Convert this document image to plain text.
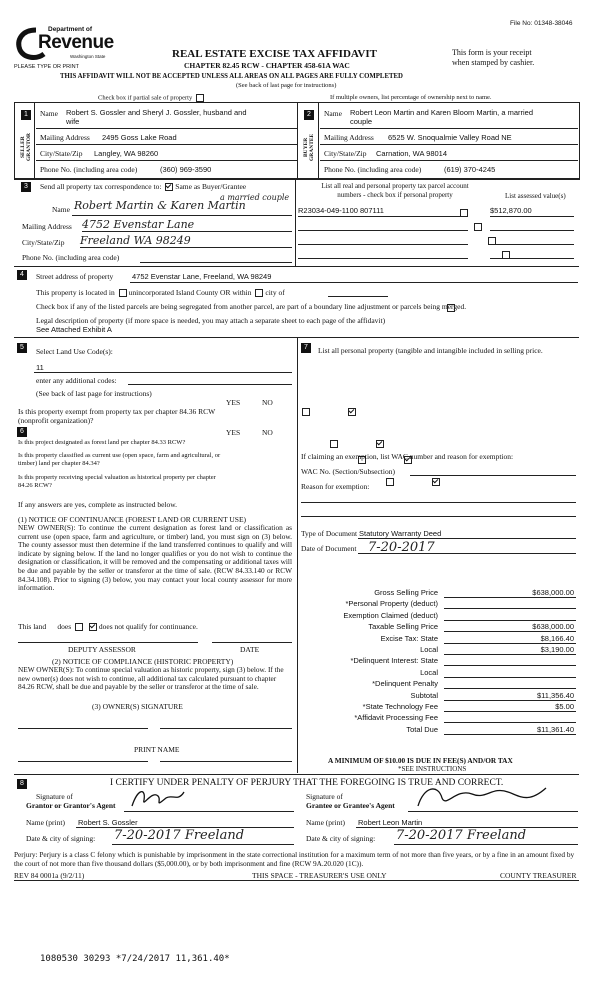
File No: 01348-38046
Department of
Revenue
Washington State
PLEASE TYPE OR PRINT
REAL ESTATE EXCISE TAX AFFIDAVIT
CHAPTER 82.45 RCW - CHAPTER 458-61A WAC
This form is your receipt
when stamped by cashier.
THIS AFFIDAVIT WILL NOT BE ACCEPTED UNLESS ALL AREAS ON ALL PAGES ARE FULLY COMPLETED
(See back of last page for instructions)
Check box if partial sale of property	If multiple owners, list percentage of ownership next to name.
1
SELLER GRANTOR
Name Robert S. Gossler and Sheryl J. Gossler, husband and
wife
Mailing Address 2495 Goss Lake Road
City/State/Zip Langley, WA 98260
Phone No. (including area code)	(360) 969-3590
2
BUYER GRANTEE
Name Robert Leon Martin and Karen Bloom Martin, a married
couple
Mailing Address 6525 W. Snoqualmie Valley Road NE
City/State/Zip Carnation, WA 98014
Phone No. (including area code)	(619) 370-4245
3	Send all property tax correspondence to: Same as Buyer/Grantee
Name Robert Martin & Karen Martin
a married couple
Mailing Address 4752 Evenstar Lane
City/State/Zip Freeland WA 98249
Phone No. (including area code)
List all real and personal property tax parcel account
numbers - check box if personal property	List assessed value(s)
R23034-049-1100 807111	$512,870.00

4	Street address of property 4752 Evenstar Lane, Freeland, WA 98249
This property is located in unincorporated Island County OR within city of
Check box if any of the listed parcels are being segregated from another parcel, are part of a boundary line adjustment or parcels being merged.

Legal description of property (if more space is needed, you may attach a separate sheet to each page of the affidavit)
See Attached Exhibit A
5	Select Land Use Code(s):
11
enter any additional codes:
(See back of last page for instructions)
YES	NO
Is this property exempt from property tax per chapter 84.36 RCW (nonprofit organization)?

6	YES	NO
Is this project designated as forest land per chapter 84.33 RCW?

Is this property classified as current use (open space, farm and agricultural, or timber) land per chapter 84.34?

Is this property receiving special valuation as historical property per chapter 84.26 RCW?

If any answers are yes, complete as instructed below.
(1) NOTICE OF CONTINUANCE (FOREST LAND OR CURRENT USE)
NEW OWNER(S): To continue the current designation as forest land or classification as current use (open space, farm and agriculture, or timber) land, you must sign on (3) below. The county assessor must then determine if the land transferred continues to qualify and will indicate by signing below. If the land no longer qualifies or you do not wish to continue the designation or classification, it will be removed and the compensating or additional taxes will be due and payable by the seller or transferor at the time of sale. (RCW 84.33.140 or RCW 84.34.108). Prior to signing (3) below, you may contact your local county assessor for more information.
This land does	does not qualify for continuance.
DEPUTY ASSESSOR	DATE
(2) NOTICE OF COMPLIANCE (HISTORIC PROPERTY)
NEW OWNER(S): To continue special valuation as historic property, sign (3) below. If the new owner(s) does not wish to continue, all additional tax calculated pursuant to chapter 84.26 RCW, shall be due and payable by the seller or transferor at the time of sale.
(3) OWNER(S) SIGNATURE
PRINT NAME
7	List all personal property (tangible and intangible included in selling price.
If claiming an exemption, list WAC number and reason for exemption:
WAC No. (Section/Subsection)
Reason for exemption:
Type of Document Statutory Warranty Deed
Date of Document 7-20-2017
Gross Selling Price	$638,000.00
*Personal Property (deduct)
Exemption Claimed (deduct)
Taxable Selling Price	$638,000.00
Excise Tax: State	$8,166.40
Local	$3,190.00
*Delinquent Interest: State
Local
*Delinquent Penalty
Subtotal	$11,356.40
*State Technology Fee	$5.00
*Affidavit Processing Fee
Total Due	$11,361.40
A MINIMUM OF $10.00 IS DUE IN FEE(S) AND/OR TAX
*SEE INSTRUCTIONS
8	I CERTIFY UNDER PENALTY OF PERJURY THAT THE FOREGOING IS TRUE AND CORRECT.
Signature of
Grantor or Grantor's Agent
Name (print) Robert S. Gossler
Date & city of signing: 7-20-2017 Freeland
Signature of
Grantee or Grantee's Agent
Name (print) Robert Leon Martin
Date & city of signing: 7-20-2017 Freeland
Perjury: Perjury is a class C felony which is punishable by imprisonment in the state correctional institution for a maximum term of not more than five years, or by a fine in an amount fixed by the court of not more than five thousand dollars ($5,000.00), or by both imprisonment and fine (RCW 9A.20.020 (1C)).
REV 84 0001a (9/2/11)	THIS SPACE - TREASURER'S USE ONLY	COUNTY TREASURER
1080530 30293 *7/24/2017 11,361.40*
